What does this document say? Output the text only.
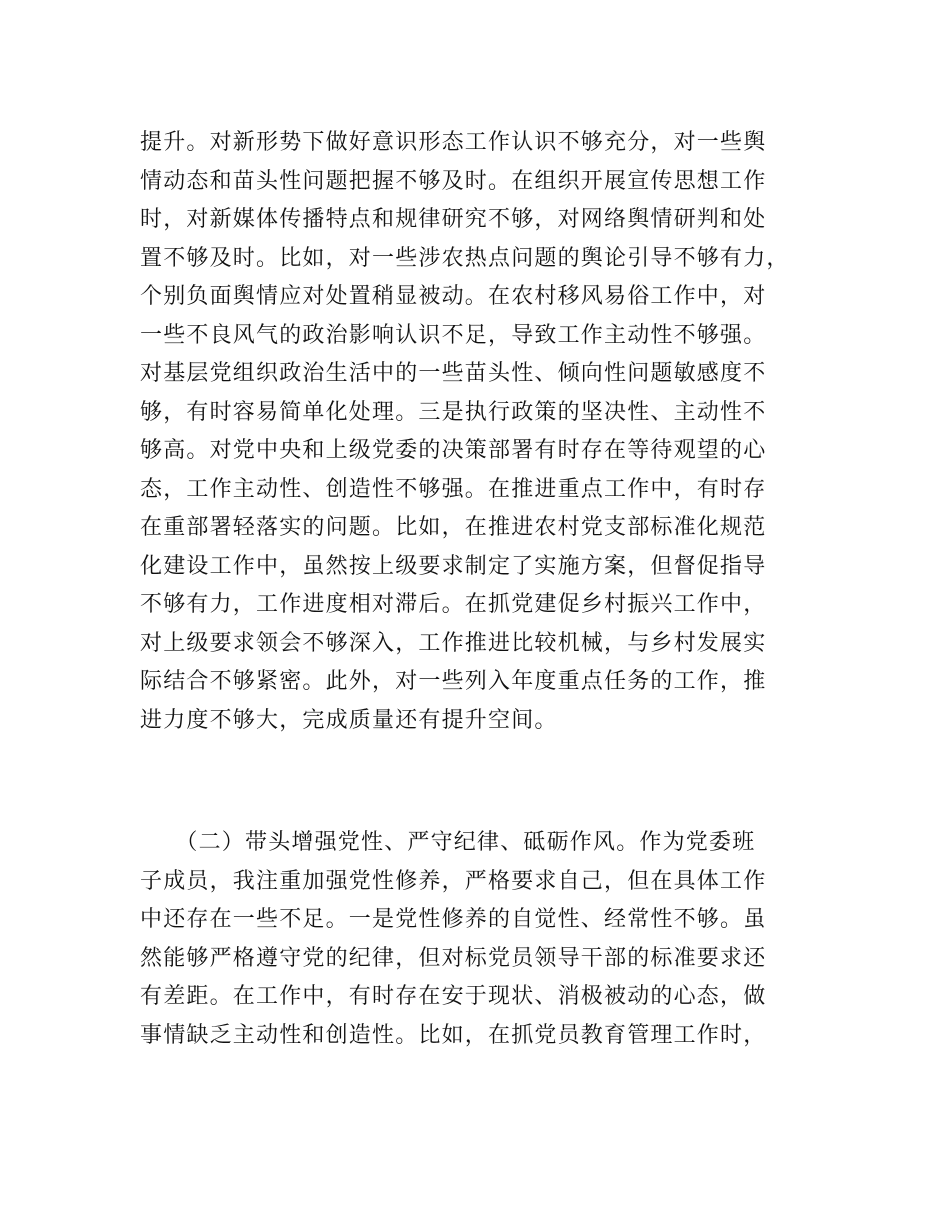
提升。对新形势下做好意识形态工作认识不够充分，对一些舆
情动态和苗头性问题把握不够及时。在组织开展宣传思想工作
时，对新媒体传播特点和规律研究不够，对网络舆情研判和处
置不够及时。比如，对一些涉农热点问题的舆论引导不够有力，
个别负面舆情应对处置稍显被动。在农村移风易俗工作中，对
一些不良风气的政治影响认识不足，导致工作主动性不够强。
对基层党组织政治生活中的一些苗头性、倾向性问题敏感度不
够，有时容易简单化处理。三是执行政策的坚决性、主动性不
够高。对党中央和上级党委的决策部署有时存在等待观望的心
态，工作主动性、创造性不够强。在推进重点工作中，有时存
在重部署轻落实的问题。比如，在推进农村党支部标准化规范
化建设工作中，虽然按上级要求制定了实施方案，但督促指导
不够有力，工作进度相对滞后。在抓党建促乡村振兴工作中，
对上级要求领会不够深入，工作推进比较机械，与乡村发展实
际结合不够紧密。此外，对一些列入年度重点任务的工作，推
进力度不够大，完成质量还有提升空间。
　　（二）带头增强党性、严守纪律、砥砺作风。作为党委班
子成员，我注重加强党性修养，严格要求自己，但在具体工作
中还存在一些不足。一是党性修养的自觉性、经常性不够。虽
然能够严格遵守党的纪律，但对标党员领导干部的标准要求还
有差距。在工作中，有时存在安于现状、消极被动的心态，做
事情缺乏主动性和创造性。比如，在抓党员教育管理工作时，
